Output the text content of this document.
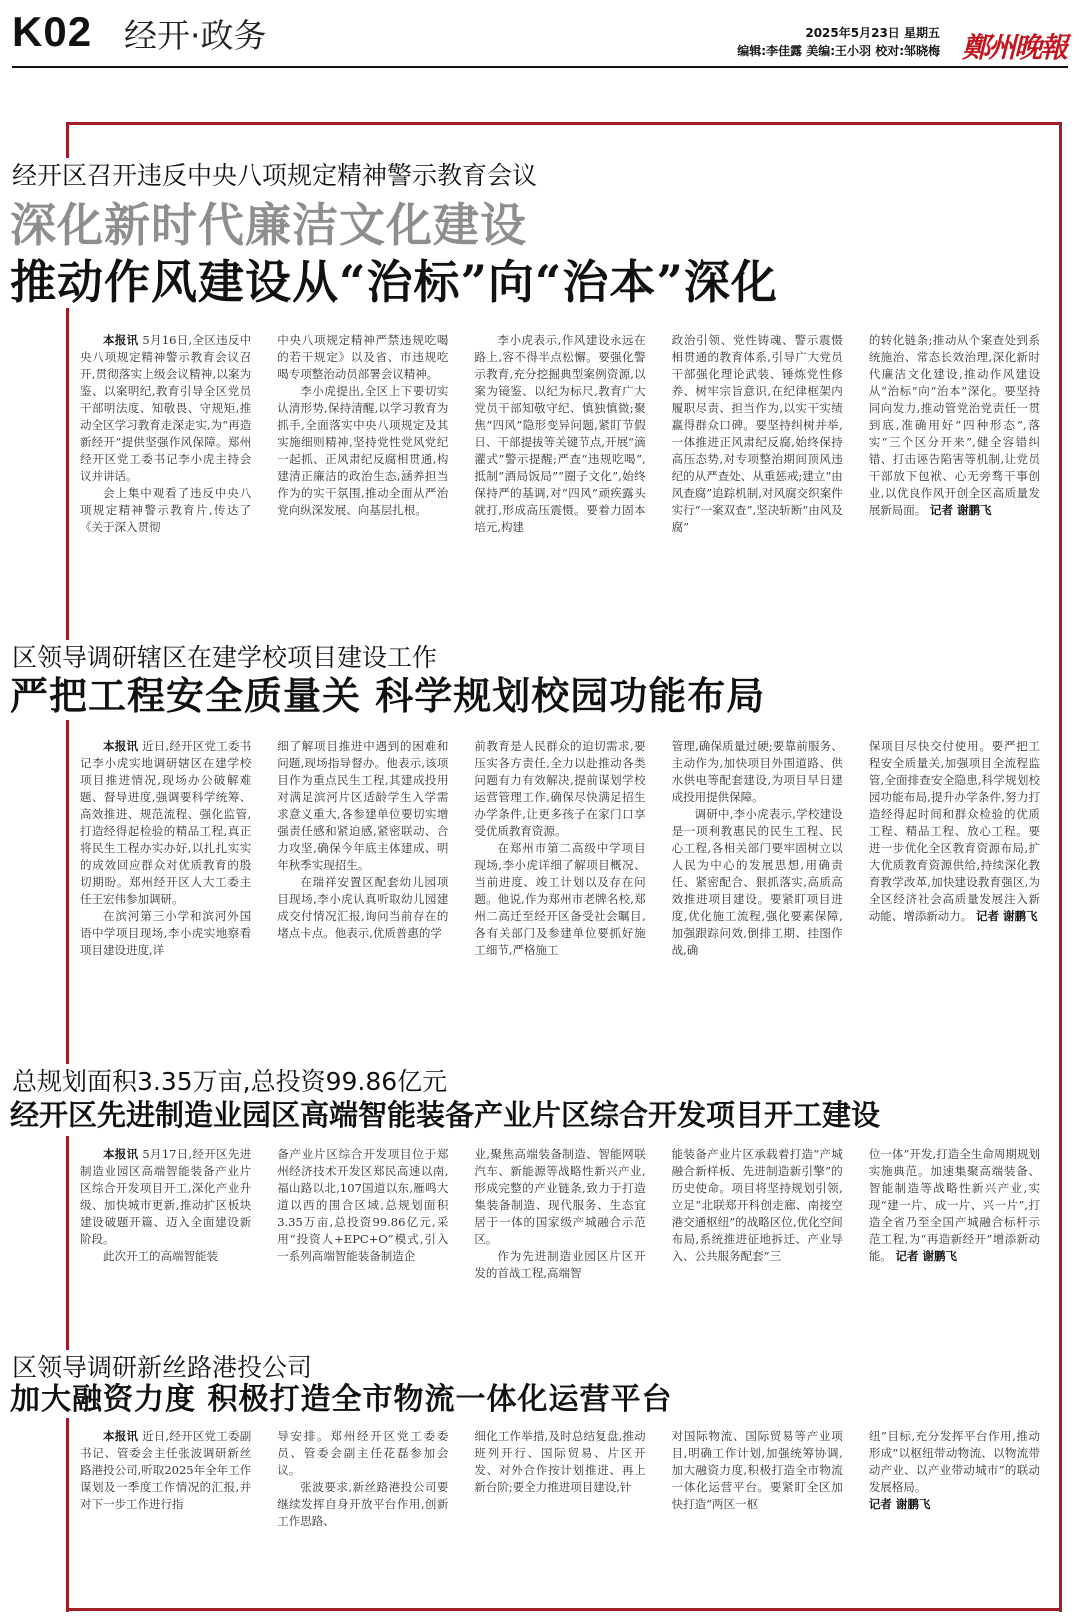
K02 经开·政务	2025年5月23日 星期五
编辑:李佳露 美编:王小羽 校对:邹晓梅 鄭州晚報
经开区召开违反中央八项规定精神警示教育会议
深化新时代廉洁文化建设
推动作风建设从“治标”向“治本”深化

本报讯 5月16日,全区违反中央八项规定精神警示教育会议召开,贯彻落实上级会议精神,以案为鉴、以案明纪,教育引导全区党员干部明法度、知敬畏、守规矩,推动全区学习教育走深走实,为“再造新经开”提供坚强作风保障。郑州经开区党工委书记李小虎主持会议并讲话。

会上集中观看了违反中央八项规定精神警示教育片,传达了《关于深入贯彻

中央八项规定精神严禁违规吃喝的若干规定》以及省、市违规吃喝专项整治动员部署会议精神。

李小虎提出,全区上下要切实认清形势,保持清醒,以学习教育为抓手,全面落实中央八项规定及其实施细则精神,坚持党性党风党纪一起抓、正风肃纪反腐相贯通,构建清正廉洁的政治生态,涵养担当作为的实干氛围,推动全面从严治党向纵深发展、向基层扎根。

李小虎表示,作风建设永远在路上,容不得半点松懈。要强化警示教育,充分挖掘典型案例资源,以案为镜鉴、以纪为标尺,教育广大党员干部知敬守纪、慎独慎微;聚焦“四风”隐形变异问题,紧盯节假日、干部提拔等关键节点,开展“滴灌式”警示提醒;严查“违规吃喝”,抵制“酒局饭局”“圈子文化”,始终保持严的基调,对“四风”顽疾露头就打,形成高压震慑。要着力固本培元,构建

政治引领、党性铸魂、警示震慑相贯通的教育体系,引导广大党员干部强化理论武装、锤炼党性修养、树牢宗旨意识,在纪律框架内履职尽责、担当作为,以实干实绩赢得群众口碑。要坚持纠树并举,一体推进正风肃纪反腐,始终保持高压态势,对专项整治期间顶风违纪的从严查处、从重惩戒;建立“由风查腐”追踪机制,对风腐交织案件实行“一案双查”,坚决斩断“由风及腐”

的转化链条;推动从个案查处到系统施治、常态长效治理,深化新时代廉洁文化建设,推动作风建设从“治标”向“治本”深化。要坚持同向发力,推动管党治党责任一贯到底,准确用好“四种形态”,落实“三个区分开来”,健全容错纠错、打击诬告陷害等机制,让党员干部放下包袱、心无旁骛干事创业,以优良作风开创全区高质量发展新局面。 记者 谢鹏飞

区领导调研辖区在建学校项目建设工作
严把工程安全质量关 科学规划校园功能布局

本报讯 近日,经开区党工委书记李小虎实地调研辖区在建学校项目推进情况,现场办公破解难题、督导进度,强调要科学统筹、高效推进、规范流程、强化监管,打造经得起检验的精品工程,真正将民生工程办实办好,以扎扎实实的成效回应群众对优质教育的殷切期盼。郑州经开区人大工委主任王宏伟参加调研。

在滨河第三小学和滨河外国语中学项目现场,李小虎实地察看项目建设进度,详

细了解项目推进中遇到的困难和问题,现场指导督办。他表示,该项目作为重点民生工程,其建成投用对满足滨河片区适龄学生入学需求意义重大,各参建单位要切实增强责任感和紧迫感,紧密联动、合力攻坚,确保今年底主体建成、明年秋季实现招生。

在瑞祥安置区配套幼儿园项目现场,李小虎认真听取幼儿园建成交付情况汇报,询问当前存在的堵点卡点。他表示,优质普惠的学

前教育是人民群众的迫切需求,要压实各方责任,全力以赴推动各类问题有力有效解决,提前谋划学校运营管理工作,确保尽快满足招生办学条件,让更多孩子在家门口享受优质教育资源。

在郑州市第二高级中学项目现场,李小虎详细了解项目概况、当前进度、竣工计划以及存在问题。他说,作为郑州市老牌名校,郑州二高迁至经开区备受社会瞩目,各有关部门及参建单位要抓好施工细节,严格施工

管理,确保质量过硬;要靠前服务、主动作为,加快项目外围道路、供水供电等配套建设,为项目早日建成投用提供保障。

调研中,李小虎表示,学校建设是一项利教惠民的民生工程、民心工程,各相关部门要牢固树立以人民为中心的发展思想,用确责任、紧密配合、狠抓落实,高质高效推进项目建设。要紧盯项目进度,优化施工流程,强化要素保障,加强跟踪问效,倒排工期、挂图作战,确

保项目尽快交付使用。要严把工程安全质量关,加强项目全流程监管,全面排查安全隐患,科学规划校园功能布局,提升办学条件,努力打造经得起时间和群众检验的优质工程、精品工程、放心工程。要进一步优化全区教育资源布局,扩大优质教育资源供给,持续深化教育教学改革,加快建设教育强区,为全区经济社会高质量发展注入新动能、增添新动力。 记者 谢鹏飞

总规划面积3.35万亩,总投资99.86亿元
经开区先进制造业园区高端智能装备产业片区综合开发项目开工建设

本报讯 5月17日,经开区先进制造业园区高端智能装备产业片区综合开发项目开工,深化产业升级、加快城市更新,推动扩区板块建设破题开篇、迈入全面建设新阶段。

此次开工的高端智能装

备产业片区综合开发项目位于郑州经济技术开发区郑民高速以南,福山路以北,107国道以东,雁鸣大道以西的围合区域,总规划面积3.35万亩,总投资99.86亿元,采用“投资人+EPC+O”模式,引入一系列高端智能装备制造企

业,聚焦高端装备制造、智能网联汽车、新能源等战略性新兴产业,形成完整的产业链条,致力于打造集装备制造、现代服务、生态宜居于一体的国家级产城融合示范区。

作为先进制造业园区片区开发的首战工程,高端智

能装备产业片区承载着打造“产城融合新样板、先进制造新引擎”的历史使命。项目将坚持规划引领,立足“北联郑开科创走廊、南接空港交通枢纽”的战略区位,优化空间布局,系统推进征地拆迁、产业导入、公共服务配套“三

位一体”开发,打造全生命周期规划实施典范。加速集聚高端装备、智能制造等战略性新兴产业,实现“建一片、成一片、兴一片”,打造全省乃至全国产城融合标杆示范工程,为“再造新经开”增添新动能。 记者 谢鹏飞

区领导调研新丝路港投公司
加大融资力度 积极打造全市物流一体化运营平台

本报讯 近日,经开区党工委副书记、管委会主任张波调研新丝路港投公司,听取2025年全年工作谋划及一季度工作情况的汇报,并对下一步工作进行指

导安排。郑州经开区党工委委员、管委会副主任花磊参加会议。

张波要求,新丝路港投公司要继续发挥自身开放平台作用,创新工作思路、

细化工作举措,及时总结复盘,推动班列开行、国际贸易、片区开发、对外合作按计划推进、再上新台阶;要全力推进项目建设,针

对国际物流、国际贸易等产业项目,明确工作计划,加强统筹协调,加大融资力度,积极打造全市物流一体化运营平台。要紧盯全区加快打造“两区一枢

纽”目标,充分发挥平台作用,推动形成“以枢纽带动物流、以物流带动产业、以产业带动城市”的联动发展格局。

记者 谢鹏飞
